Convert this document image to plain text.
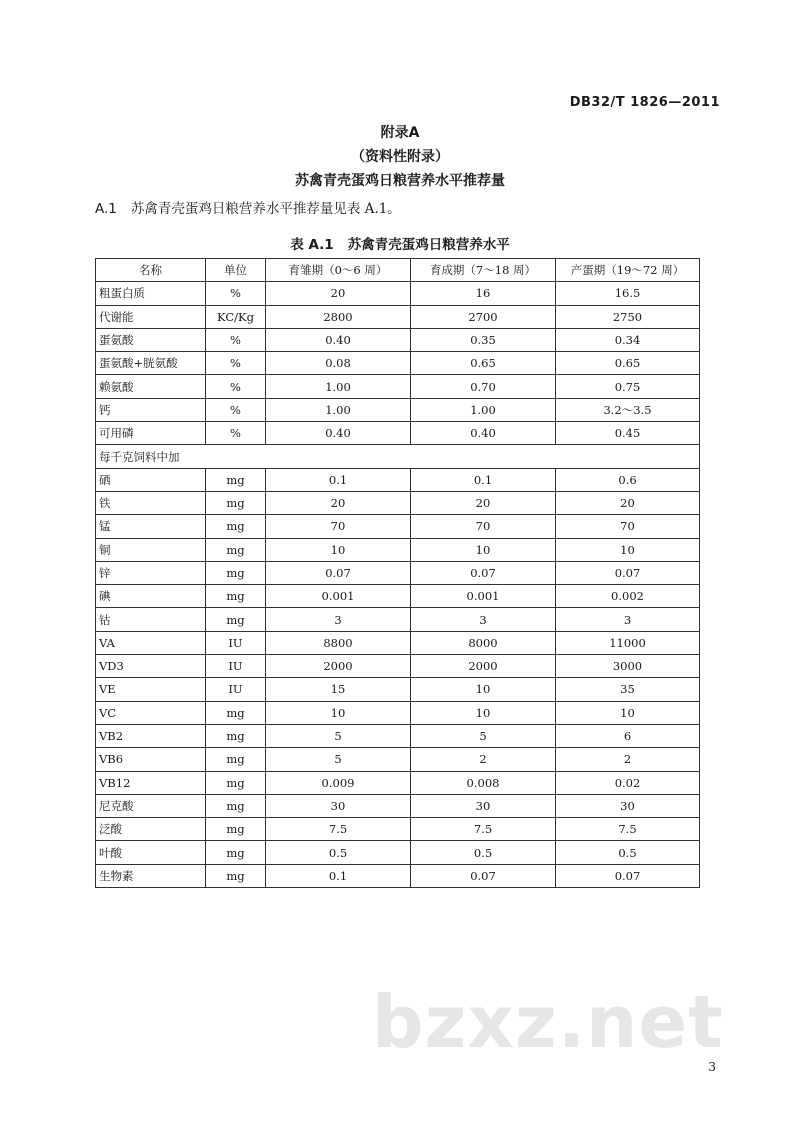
DB32/T 1826—2011
附录A
（资料性附录）
苏禽青壳蛋鸡日粮营养水平推荐量
A.1 苏禽青壳蛋鸡日粮营养水平推荐量见表 A.1。
表 A.1 苏禽青壳蛋鸡日粮营养水平
名称	单位	育雏期（0～6 周）	育成期（7～18 周）	产蛋期（19～72 周）
粗蛋白质	%	20	16	16.5
代谢能	KC/Kg	2800	2700	2750
蛋氨酸	%	0.40	0.35	0.34
蛋氨酸+胱氨酸	%	0.08	0.65	0.65
赖氨酸	%	1.00	0.70	0.75
钙	%	1.00	1.00	3.2～3.5
可用磷	%	0.40	0.40	0.45
每千克饲料中加				
硒	mg	0.1	0.1	0.6
铁	mg	20	20	20
锰	mg	70	70	70
铜	mg	10	10	10
锌	mg	0.07	0.07	0.07
碘	mg	0.001	0.001	0.002
钴	mg	3	3	3
VA	IU	8800	8000	11000
VD3	IU	2000	2000	3000
VE	IU	15	10	35
VC	mg	10	10	10
VB2	mg	5	5	6
VB6	mg	5	2	2
VB12	mg	0.009	0.008	0.02
尼克酸	mg	30	30	30
泛酸	mg	7.5	7.5	7.5
叶酸	mg	0.5	0.5	0.5
生物素	mg	0.1	0.07	0.07
bzxz.net
3
